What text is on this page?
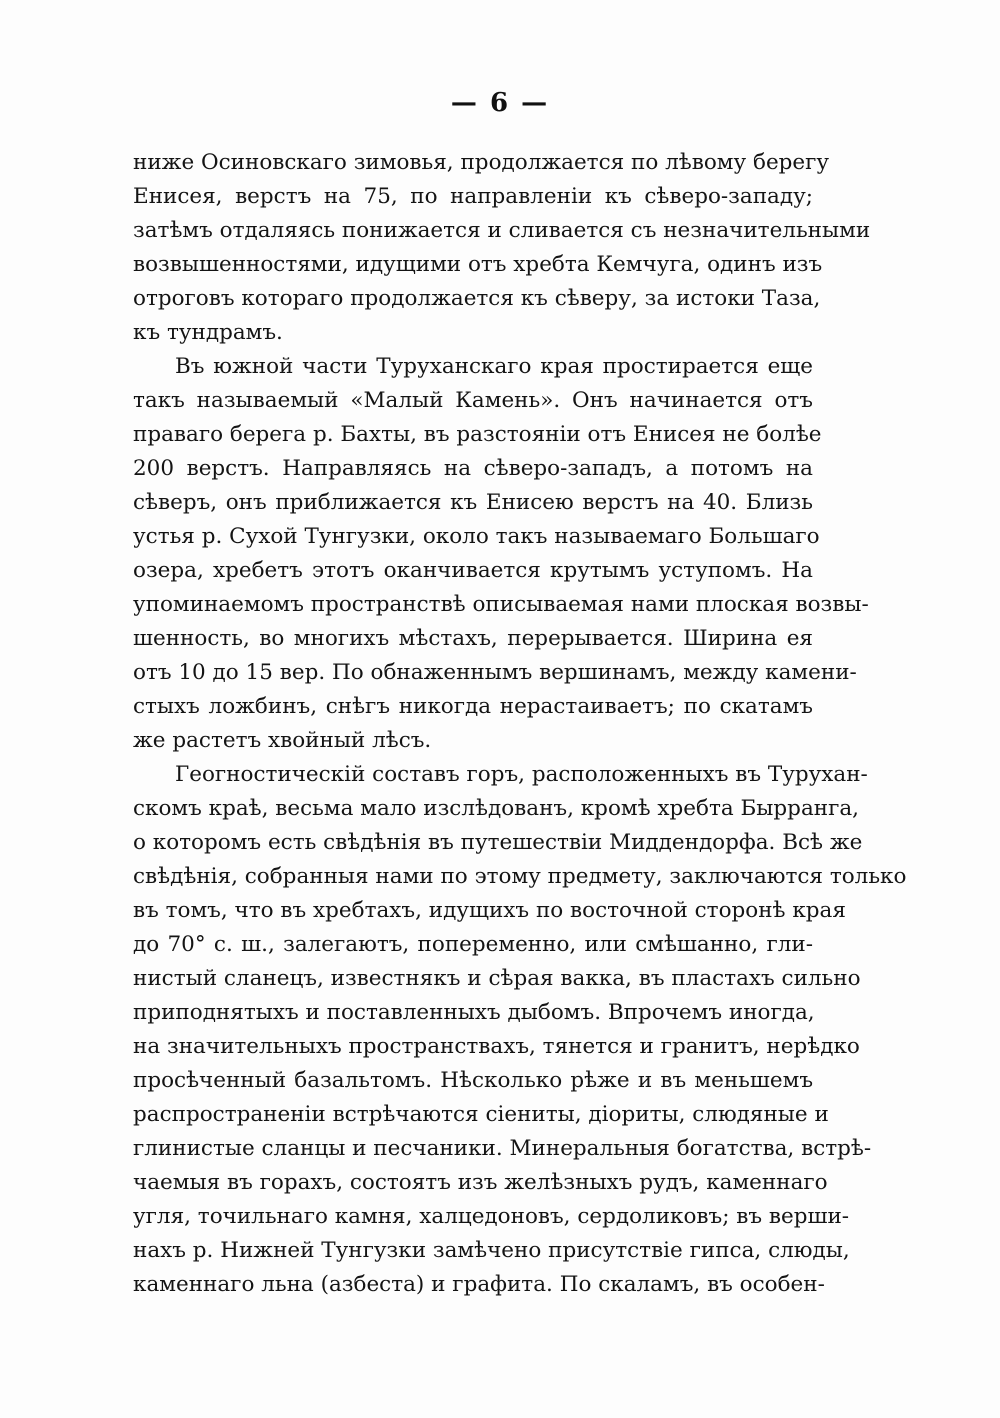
— 6 —
ниже Осиновскаго зимовья, продолжается по лѣвому берегу
Енисея, верстъ на 75, по направленіи къ сѣверо-западу;
затѣмъ отдаляясь понижается и сливается съ незначительными
возвышенностями, идущими отъ хребта Кемчуга, одинъ изъ
отроговъ котораго продолжается къ сѣверу, за истоки Таза,
къ тундрамъ.
Въ южной части Туруханскаго края простирается еще
такъ называемый «Малый Камень». Онъ начинается отъ
праваго берега р. Бахты, въ разстояніи отъ Енисея не болѣе
200 верстъ. Направляясь на сѣверо-западъ, а потомъ на
сѣверъ, онъ приближается къ Енисею верстъ на 40. Близь
устья р. Сухой Тунгузки, около такъ называемаго Большаго
озера, хребетъ этотъ оканчивается крутымъ уступомъ. На
упоминаемомъ пространствѣ описываемая нами плоская возвы-
шенность, во многихъ мѣстахъ, перерывается. Ширина ея
отъ 10 до 15 вер. По обнаженнымъ вершинамъ, между камени-
стыхъ ложбинъ, снѣгъ никогда нерастаиваетъ; по скатамъ
же растетъ хвойный лѣсъ.
Геогностическій составъ горъ, расположенныхъ въ Турухан-
скомъ краѣ, весьма мало изслѣдованъ, кромѣ хребта Бырранга,
о которомъ есть свѣдѣнія въ путешествіи Миддендорфа. Всѣ же
свѣдѣнія, собранныя нами по этому предмету, заключаются только
въ томъ, что въ хребтахъ, идущихъ по восточной сторонѣ края
до 70° с. ш., залегаютъ, попеременно, или смѣшанно, гли-
нистый сланецъ, известнякъ и сѣрая вакка, въ пластахъ сильно
приподнятыхъ и поставленныхъ дыбомъ. Впрочемъ иногда,
на значительныхъ пространствахъ, тянется и гранитъ, нерѣдко
просѣченный базальтомъ. Нѣсколько рѣже и въ меньшемъ
распространеніи встрѣчаются сіениты, діориты, слюдяные и
глинистые сланцы и песчаники. Минеральныя богатства, встрѣ-
чаемыя въ горахъ, состоятъ изъ желѣзныхъ рудъ, каменнаго
угля, точильнаго камня, халцедоновъ, сердоликовъ; въ верши-
нахъ р. Нижней Тунгузки замѣчено присутствіе гипса, слюды,
каменнаго льна (азбеста) и графита. По скаламъ, въ особен-
